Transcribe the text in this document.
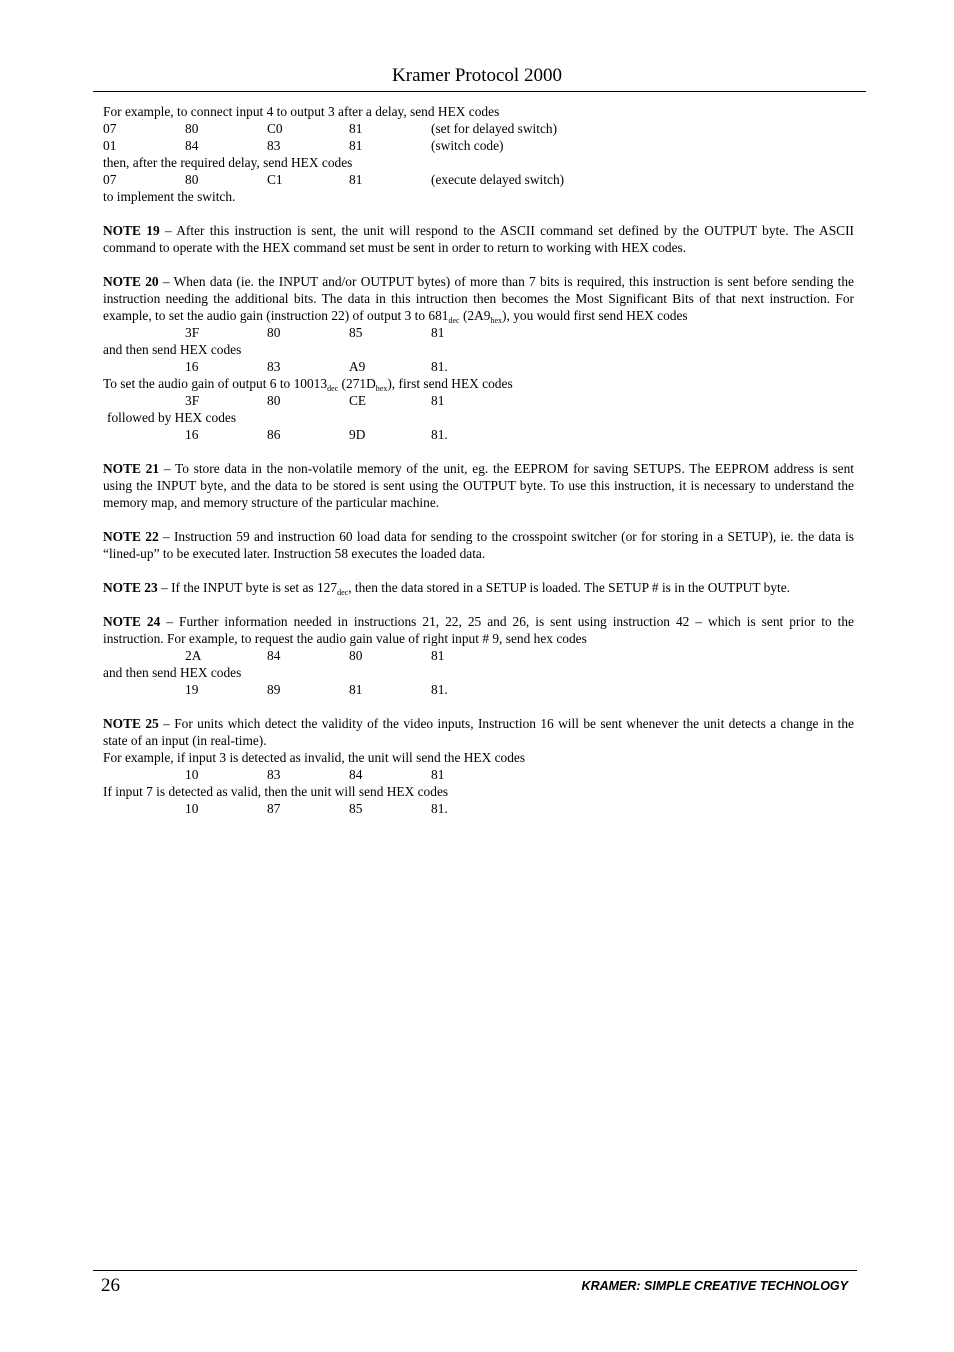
Kramer Protocol 2000

For example, to connect input 4 to output 3 after a delay, send HEX codes

07	80	C0	81	(set for delayed switch)
01	84	83	81	(switch code)

then, after the required delay, send HEX codes

07	80	C1	81	(execute delayed switch)

to implement the switch.

NOTE 19 – After this instruction is sent, the unit will respond to the ASCII command set defined by the OUTPUT byte. The ASCII command to operate with the HEX command set must be sent in order to return to working with HEX codes.

NOTE 20 – When data (ie. the INPUT and/or OUTPUT bytes) of more than 7 bits is required, this instruction is sent before sending the instruction needing the additional bits. The data in this intruction then becomes the Most Significant Bits of that next instruction. For example, to set the audio gain (instruction 22) of output 3 to $681_{dec}$ $(2A9_{hex})$, you would first send HEX codes

3F	80	85	81

and then send HEX codes

16	83	A9	81.

To set the audio gain of output 6 to $10013_{dec}$ $(271D_{hex})$, first send HEX codes

3F	80	CE	81

followed by HEX codes

16	86	9D	81.

NOTE 21 – To store data in the non-volatile memory of the unit, eg. the EEPROM for saving SETUPS. The EEPROM address is sent using the INPUT byte, and the data to be stored is sent using the OUTPUT byte. To use this instruction, it is necessary to understand the memory map, and memory structure of the particular machine.

NOTE 22 – Instruction 59 and instruction 60 load data for sending to the crosspoint switcher (or for storing in a SETUP), ie. the data is “lined-up” to be executed later. Instruction 58 executes the loaded data.

NOTE 23 – If the INPUT byte is set as $127_{dec}$, then the data stored in a SETUP is loaded. The SETUP # is in the OUTPUT byte.

NOTE 24 – Further information needed in instructions 21, 22, 25 and 26, is sent using instruction 42 – which is sent prior to the instruction. For example, to request the audio gain value of right input # 9, send hex codes

2A	84	80	81

and then send HEX codes

19	89	81	81.

NOTE 25 – For units which detect the validity of the video inputs, Instruction 16 will be sent whenever the unit detects a change in the state of an input (in real-time).

For example, if input 3 is detected as invalid, the unit will send the HEX codes

10	83	84	81

If input 7 is detected as valid, then the unit will send HEX codes

10	87	85	81.
26	KRAMER: SIMPLE CREATIVE TECHNOLOGY
